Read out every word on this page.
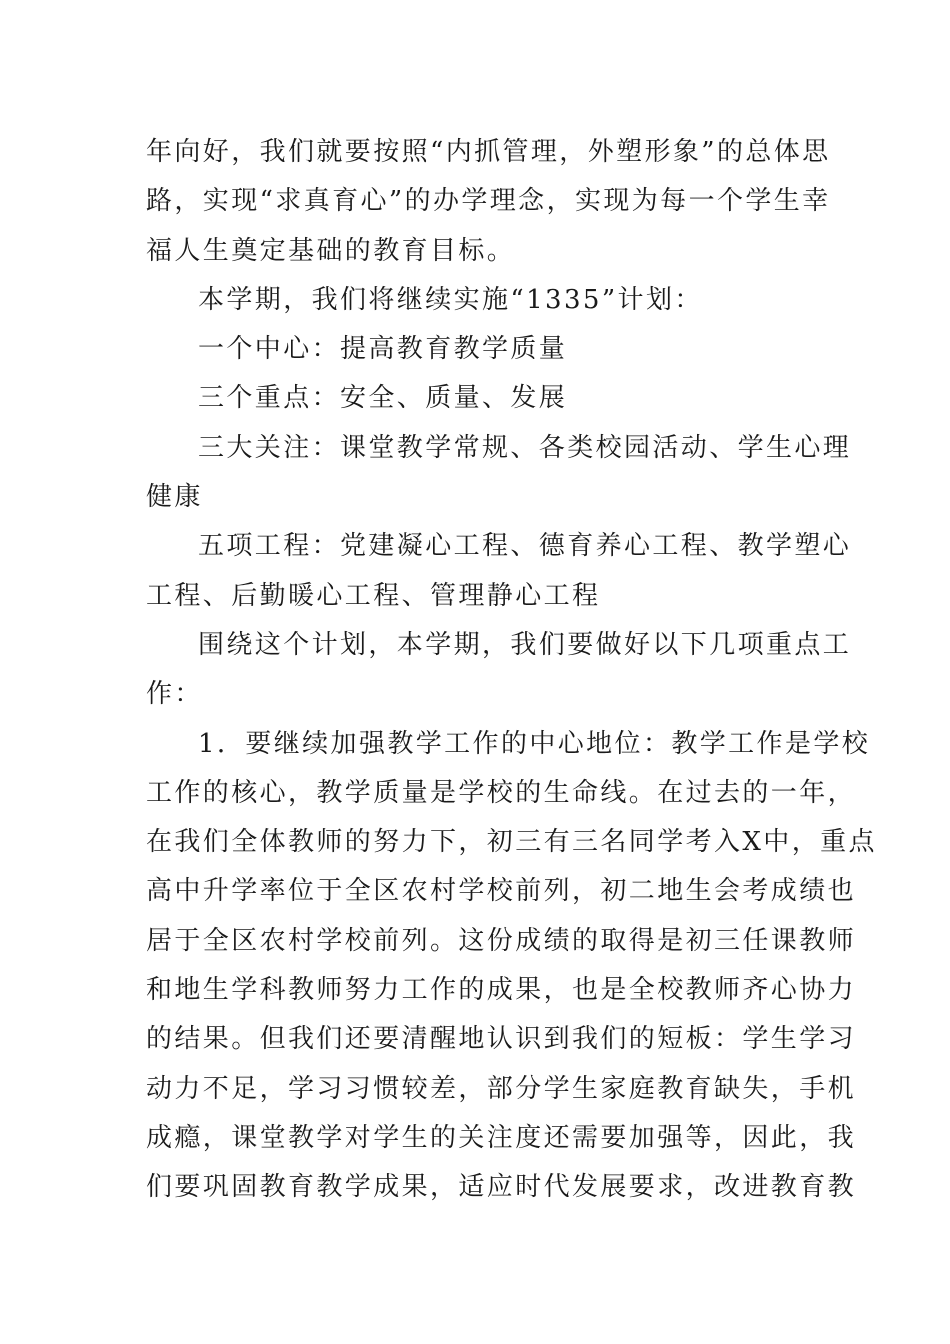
年向好，我们就要按照“内抓管理，外塑形象”的总体思
路，实现“求真育心”的办学理念，实现为每一个学生幸
福人生奠定基础的教育目标。
本学期，我们将继续实施“1335”计划：
一个中心：提高教育教学质量
三个重点：安全、质量、发展
三大关注：课堂教学常规、各类校园活动、学生心理
健康
五项工程：党建凝心工程、德育养心工程、教学塑心
工程、后勤暖心工程、管理静心工程
围绕这个计划，本学期，我们要做好以下几项重点工
作：
1．要继续加强教学工作的中心地位：教学工作是学校
工作的核心，教学质量是学校的生命线。在过去的一年，
在我们全体教师的努力下，初三有三名同学考入X中，重点
高中升学率位于全区农村学校前列，初二地生会考成绩也
居于全区农村学校前列。这份成绩的取得是初三任课教师
和地生学科教师努力工作的成果，也是全校教师齐心协力
的结果。但我们还要清醒地认识到我们的短板：学生学习
动力不足，学习习惯较差，部分学生家庭教育缺失，手机
成瘾，课堂教学对学生的关注度还需要加强等，因此，我
们要巩固教育教学成果，适应时代发展要求，改进教育教
